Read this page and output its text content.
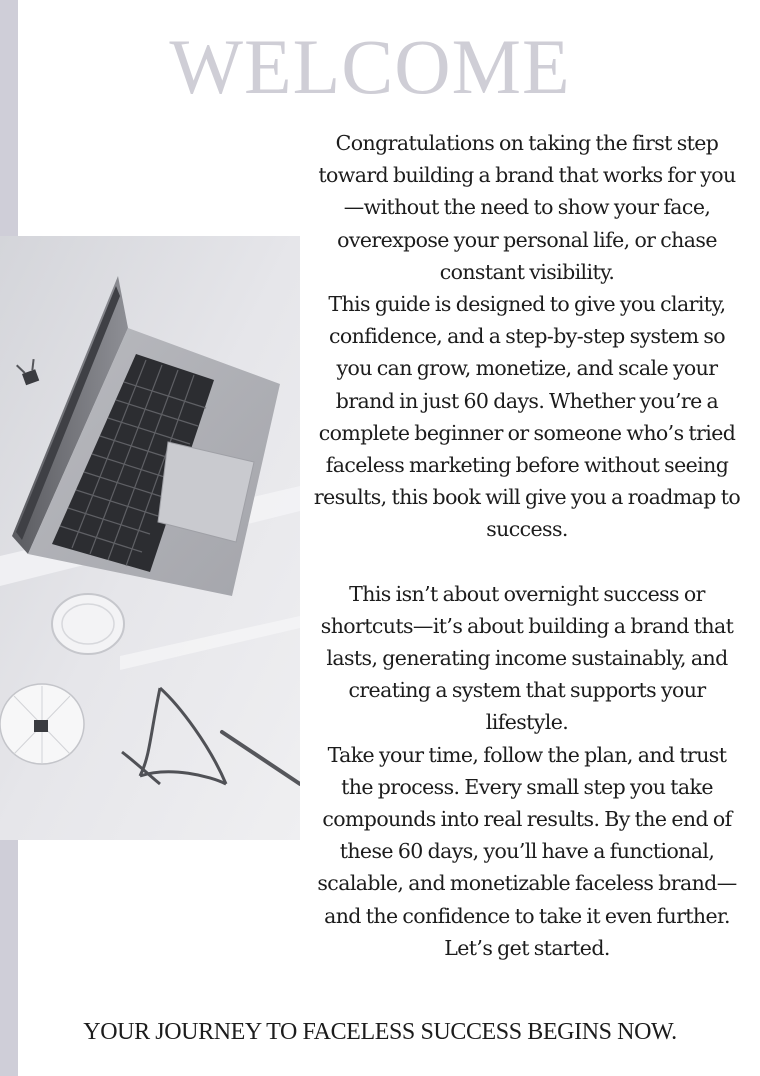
WELCOME

Congratulations on taking the first step toward building a brand that works for you—without the need to show your face, overexpose your personal life, or chase constant visibility.

This guide is designed to give you clarity, confidence, and a step-by-step system so you can grow, monetize, and scale your brand in just 60 days. Whether you’re a complete beginner or someone who’s tried faceless marketing before without seeing results, this book will give you a roadmap to success.

This isn’t about overnight success or shortcuts—it’s about building a brand that lasts, generating income sustainably, and creating a system that supports your lifestyle.

Take your time, follow the plan, and trust the process. Every small step you take compounds into real results. By the end of these 60 days, you’ll have a functional, scalable, and monetizable faceless brand—and the confidence to take it even further.

Let’s get started.

YOUR JOURNEY TO FACELESS SUCCESS BEGINS NOW.
